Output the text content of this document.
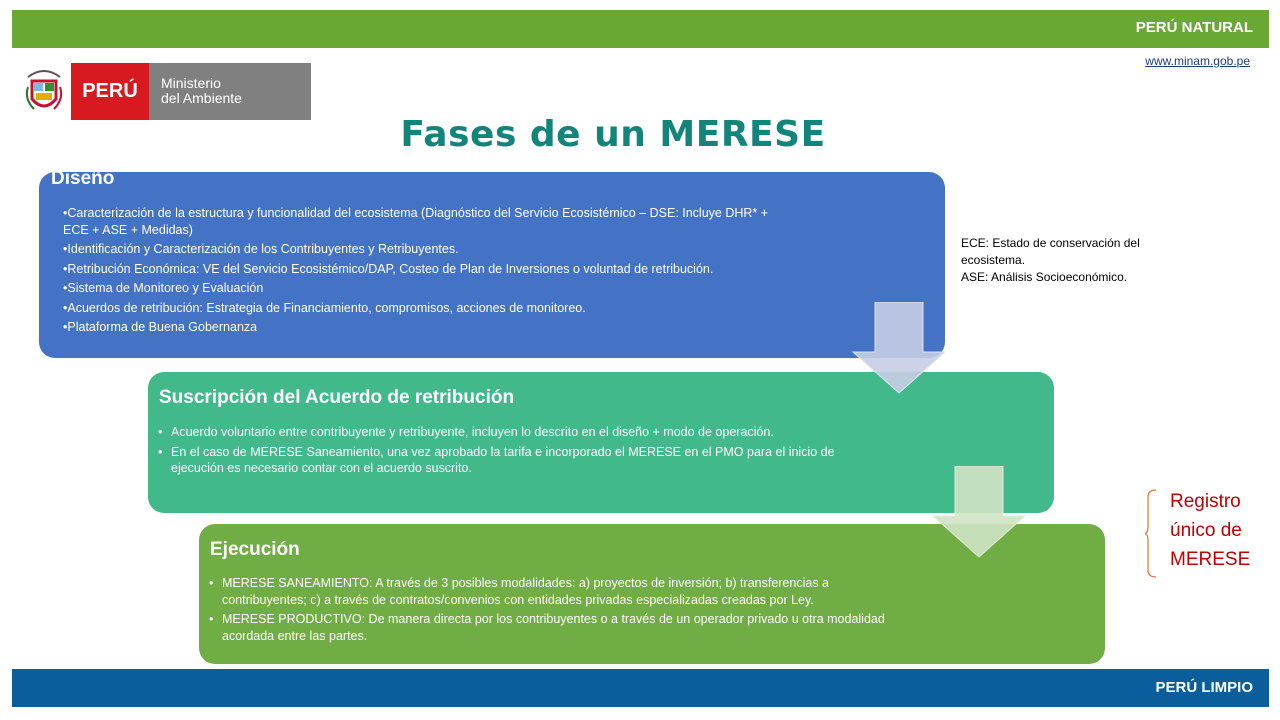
PERÚ NATURAL
www.minam.gob.pe
PERÚ	Ministerio
del Ambiente
Fases de un MERESE
Diseño
• Caracterización de la estructura y funcionalidad del ecosistema (Diagnóstico del Servicio Ecosistémico – DSE: Incluye DHR* + ECE + ASE + Medidas)
• Identificación y Caracterización de los Contribuyentes y Retribuyentes.
• Retribución Económica: VE del Servicio Ecosistémico/DAP, Costeo de Plan de Inversiones o voluntad de retribución.
• Sistema de Monitoreo y Evaluación
• Acuerdos de retribución: Estrategia de Financiamiento, compromisos, acciones de monitoreo.
• Plataforma de Buena Gobernanza
Suscripción del Acuerdo de retribución
• Acuerdo voluntario entre contribuyente y retribuyente, incluyen lo descrito en el diseño + modo de operación.
• En el caso de MERESE Saneamiento, una vez aprobado la tarifa e incorporado el MERESE en el PMO para el inicio de ejecución es necesario contar con el acuerdo suscrito.
Ejecución
• MERESE SANEAMIENTO: A través de 3 posibles modalidades: a) proyectos de inversión; b) transferencias a contribuyentes; c) a través de contratos/convenios con entidades privadas especializadas creadas por Ley.
• MERESE PRODUCTIVO: De manera directa por los contribuyentes o a través de un operador privado u otra modalidad acordada entre las partes.
ECE: Estado de conservación del ecosistema.
ASE: Análisis Socioeconómico.
Registro
único de
MERESE
PERÚ LIMPIO
